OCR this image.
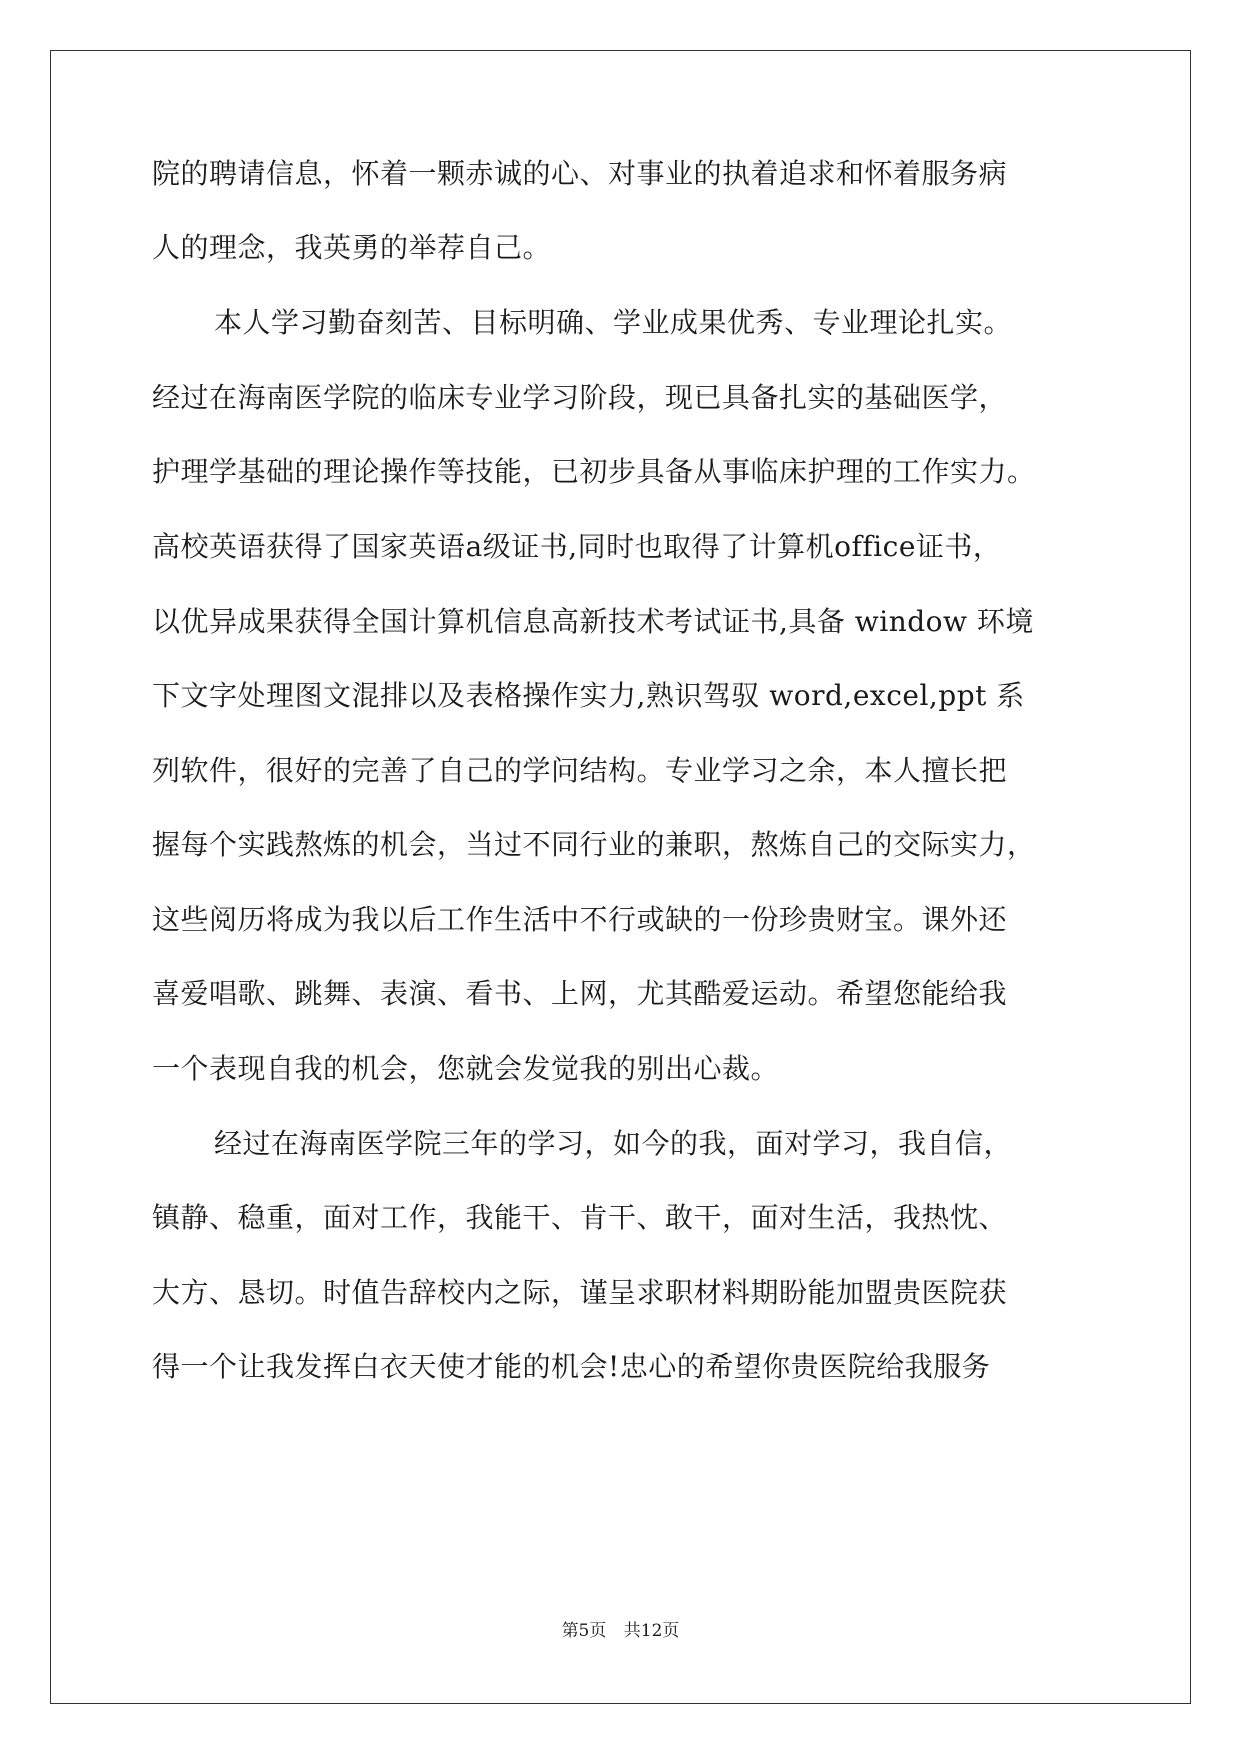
院的聘请信息，怀着一颗赤诚的心、对事业的执着追求和怀着服务病
人的理念，我英勇的举荐自己。
本人学习勤奋刻苦、目标明确、学业成果优秀、专业理论扎实。
经过在海南医学院的临床专业学习阶段，现已具备扎实的基础医学，
护理学基础的理论操作等技能，已初步具备从事临床护理的工作实力。
高校英语获得了国家英语a级证书,同时也取得了计算机office证书，
以优异成果获得全国计算机信息高新技术考试证书,具备 window 环境
下文字处理图文混排以及表格操作实力,熟识驾驭 word,excel,ppt 系
列软件，很好的完善了自己的学问结构。专业学习之余，本人擅长把
握每个实践熬炼的机会，当过不同行业的兼职，熬炼自己的交际实力，
这些阅历将成为我以后工作生活中不行或缺的一份珍贵财宝。课外还
喜爱唱歌、跳舞、表演、看书、上网，尤其酷爱运动。希望您能给我
一个表现自我的机会，您就会发觉我的别出心裁。
经过在海南医学院三年的学习，如今的我，面对学习，我自信，
镇静、稳重，面对工作，我能干、肯干、敢干，面对生活，我热忱、
大方、恳切。时值告辞校内之际，谨呈求职材料期盼能加盟贵医院获
得一个让我发挥白衣天使才能的机会!忠心的希望你贵医院给我服务
第5页 共12页
